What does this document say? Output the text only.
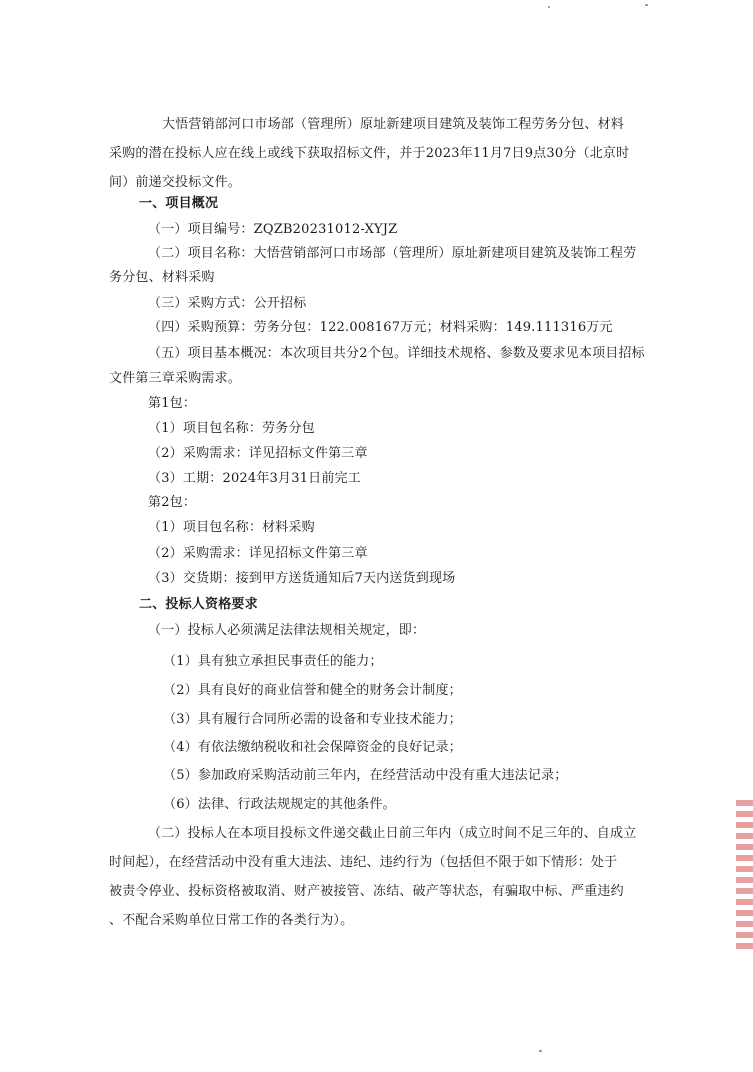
大悟营销部河口市场部（管理所）原址新建项目建筑及装饰工程劳务分包、材料
采购的潜在投标人应在线上或线下获取招标文件，并于2023年11月7日9点30分（北京时
间）前递交投标文件。
一、项目概况
（一）项目编号：ZQZB20231012-XYJZ
（二）项目名称：大悟营销部河口市场部（管理所）原址新建项目建筑及装饰工程劳
务分包、材料采购
（三）采购方式：公开招标
（四）采购预算：劳务分包：122.008167万元；材料采购：149.111316万元
（五）项目基本概况：本次项目共分2个包。详细技术规格、参数及要求见本项目招标
文件第三章采购需求。
第1包：
（1）项目包名称：劳务分包
（2）采购需求：详见招标文件第三章
（3）工期：2024年3月31日前完工
第2包：
（1）项目包名称：材料采购
（2）采购需求：详见招标文件第三章
（3）交货期：接到甲方送货通知后7天内送货到现场
二、投标人资格要求
（一）投标人必须满足法律法规相关规定，即：
（1）具有独立承担民事责任的能力；
（2）具有良好的商业信誉和健全的财务会计制度；
（3）具有履行合同所必需的设备和专业技术能力；
（4）有依法缴纳税收和社会保障资金的良好记录；
（5）参加政府采购活动前三年内，在经营活动中没有重大违法记录；
（6）法律、行政法规规定的其他条件。
（二）投标人在本项目投标文件递交截止日前三年内（成立时间不足三年的、自成立
时间起），在经营活动中没有重大违法、违纪、违约行为（包括但不限于如下情形：处于
被责令停业、投标资格被取消、财产被接管、冻结、破产等状态，有骗取中标、严重违约
、不配合采购单位日常工作的各类行为）。
